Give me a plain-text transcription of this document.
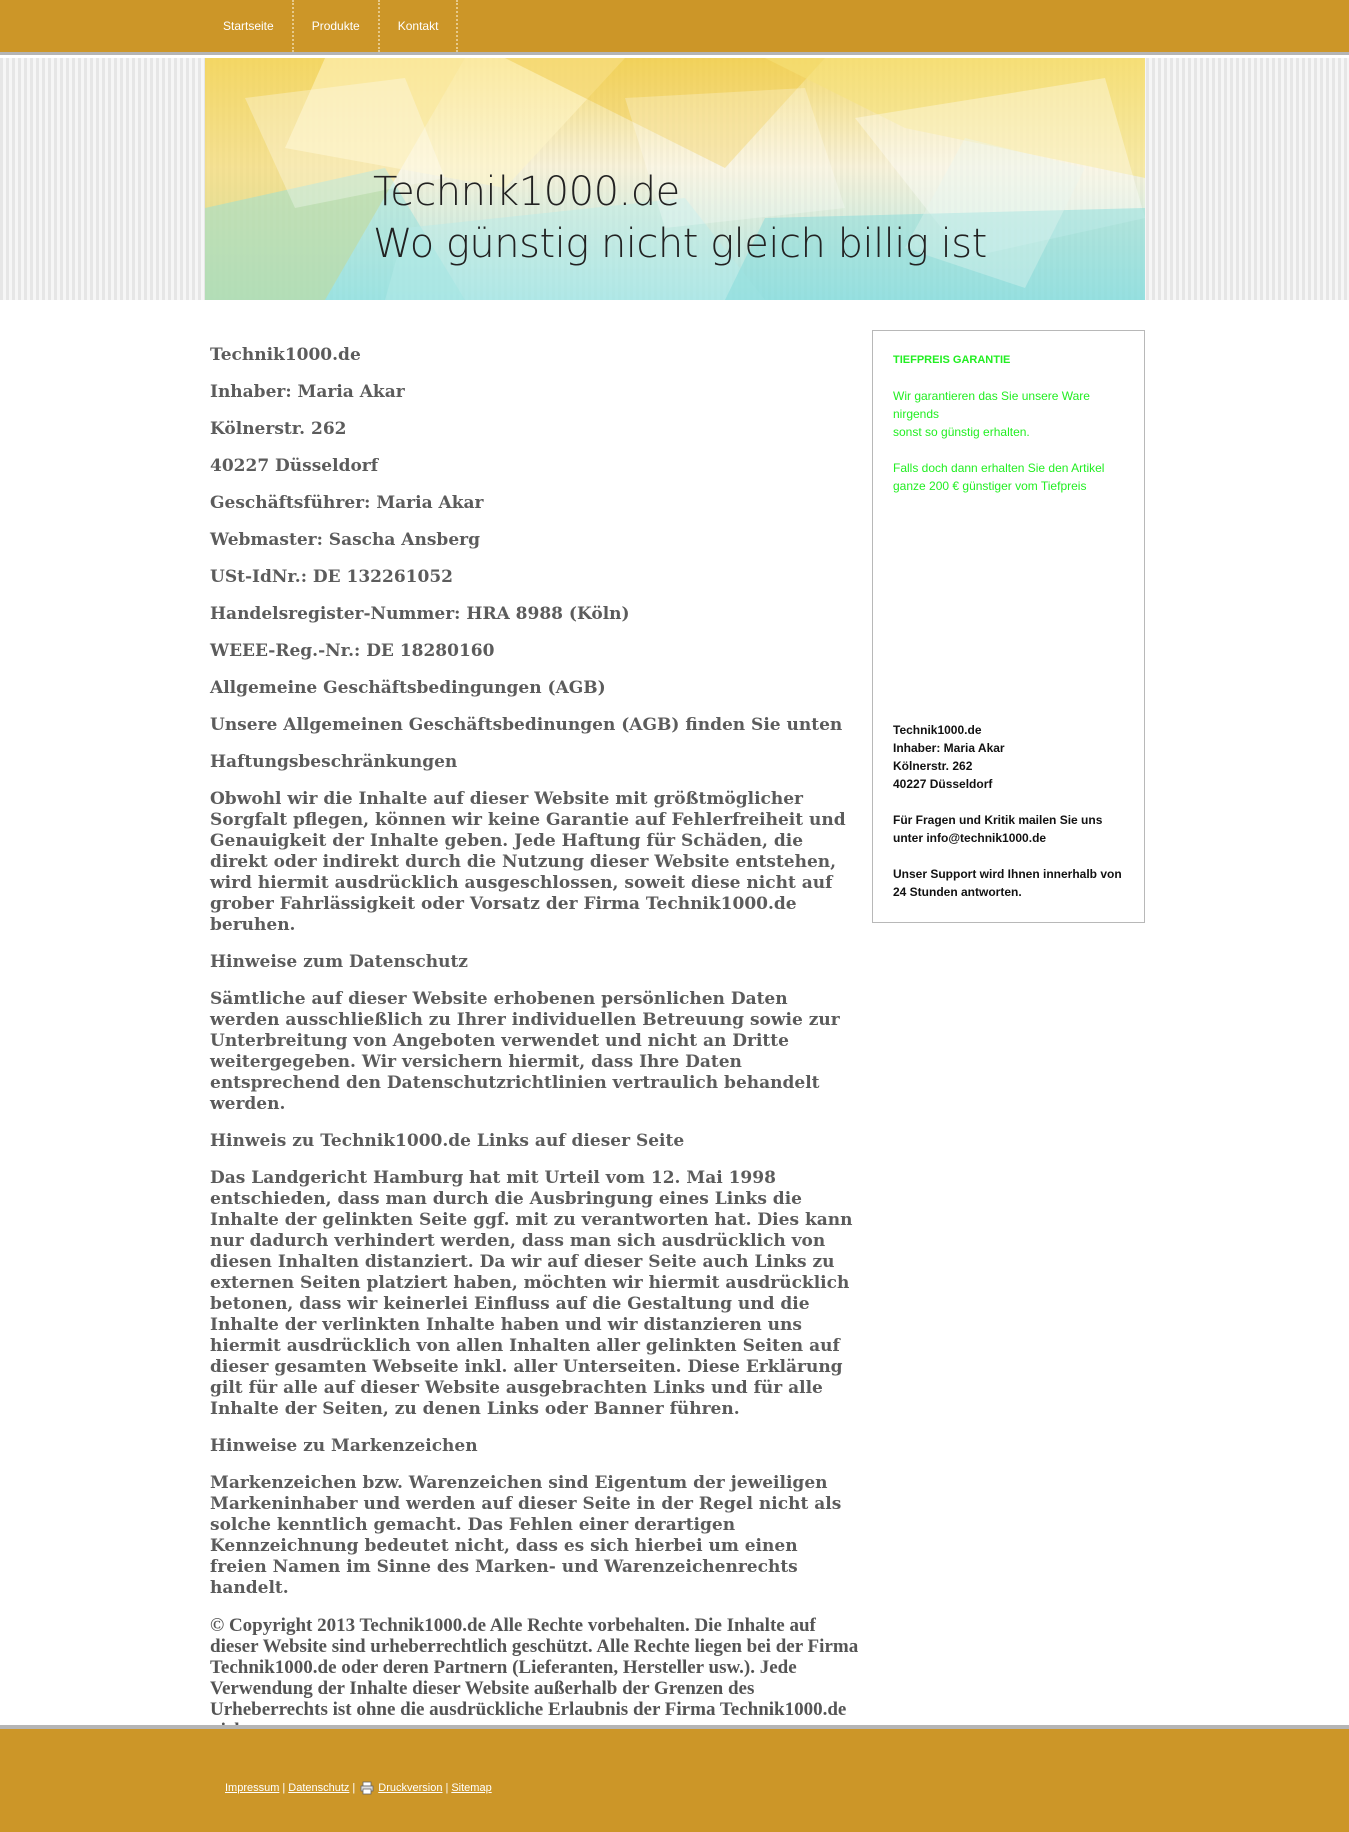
Startseite	Produkte	Kontakt
Technik1000.de
Wo günstig nicht gleich billig ist

Technik1000.de

Inhaber: Maria Akar

Kölnerstr. 262

40227 Düsseldorf

Geschäftsführer: Maria Akar

Webmaster: Sascha Ansberg

USt-IdNr.: DE 132261052

Handelsregister-Nummer: HRA 8988 (Köln)

WEEE-Reg.-Nr.: DE 18280160

Allgemeine Geschäftsbedingungen (AGB)

Unsere Allgemeinen Geschäftsbedinungen (AGB) finden Sie unten

Haftungsbeschränkungen

Obwohl wir die Inhalte auf dieser Website mit größtmöglicher Sorgfalt pflegen, können wir keine Garantie auf Fehlerfreiheit und Genauigkeit der Inhalte geben. Jede Haftung für Schäden, die direkt oder indirekt durch die Nutzung dieser Website entstehen, wird hiermit ausdrücklich ausgeschlossen, soweit diese nicht auf grober Fahrlässigkeit oder Vorsatz der Firma Technik1000.de beruhen.

Hinweise zum Datenschutz

Sämtliche auf dieser Website erhobenen persönlichen Daten werden ausschließlich zu Ihrer individuellen Betreuung sowie zur Unterbreitung von Angeboten verwendet und nicht an Dritte weitergegeben. Wir versichern hiermit, dass Ihre Daten entsprechend den Datenschutzrichtlinien vertraulich behandelt werden.

Hinweis zu Technik1000.de Links auf dieser Seite

Das Landgericht Hamburg hat mit Urteil vom 12. Mai 1998 entschieden, dass man durch die Ausbringung eines Links die Inhalte der gelinkten Seite ggf. mit zu verantworten hat. Dies kann nur dadurch verhindert werden, dass man sich ausdrücklich von diesen Inhalten distanziert. Da wir auf dieser Seite auch Links zu externen Seiten platziert haben, möchten wir hiermit ausdrücklich betonen, dass wir keinerlei Einfluss auf die Gestaltung und die Inhalte der verlinkten Inhalte haben und wir distanzieren uns hiermit ausdrücklich von allen Inhalten aller gelinkten Seiten auf dieser gesamten Webseite inkl. aller Unterseiten. Diese Erklärung gilt für alle auf dieser Website ausgebrachten Links und für alle Inhalte der Seiten, zu denen Links oder Banner führen.

Hinweise zu Markenzeichen

Markenzeichen bzw. Warenzeichen sind Eigentum der jeweiligen Markeninhaber und werden auf dieser Seite in der Regel nicht als solche kenntlich gemacht. Das Fehlen einer derartigen Kennzeichnung bedeutet nicht, dass es sich hierbei um einen freien Namen im Sinne des Marken- und Warenzeichenrechts handelt.

© Copyright 2013 Technik1000.de Alle Rechte vorbehalten. Die Inhalte auf dieser Website sind urheberrechtlich geschützt. Alle Rechte liegen bei der Firma Technik1000.de oder deren Partnern (Lieferanten, Hersteller usw.). Jede Verwendung der Inhalte dieser Website außerhalb der Grenzen des Urheberrechts ist ohne die ausdrückliche Erlaubnis der Firma Technik1000.de

TIEFPREIS GARANTIE
Wir garantieren das Sie unsere Ware nirgends
sonst so günstig erhalten.
Falls doch dann erhalten Sie den Artikel
ganze 200 € günstiger vom Tiefpreis
Technik1000.de
Inhaber: Maria Akar
Kölnerstr. 262
40227 Düsseldorf
Für Fragen und Kritik mailen Sie uns
unter info@technik1000.de
Unser Support wird Ihnen innerhalb von
24 Stunden antworten.
Impressum | Datenschutz | Druckversion | Sitemap
